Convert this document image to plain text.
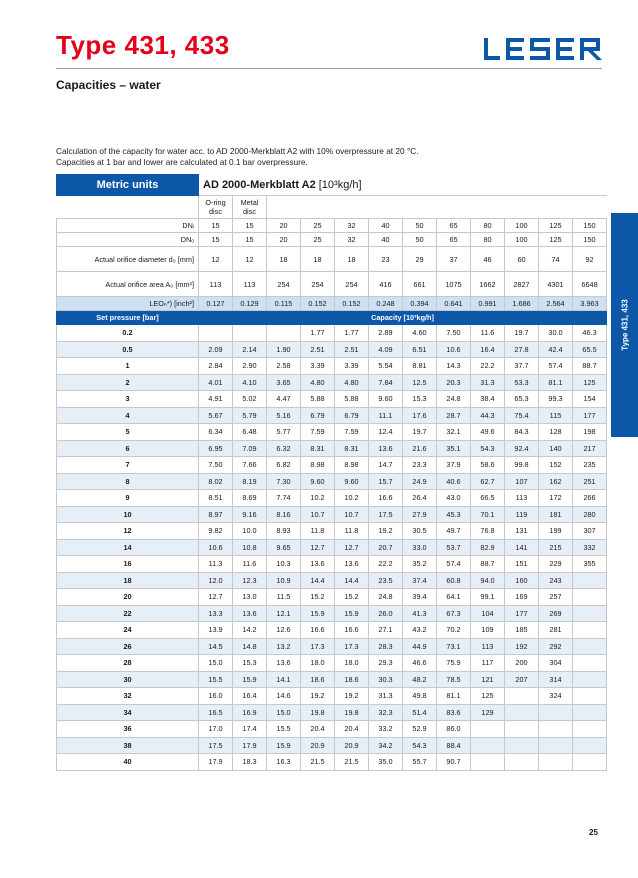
Type 431, 433
Capacities – water
Calculation of the capacity for water acc. to AD 2000-Merkblatt A2 with 10% overpressure at 20 °C.
Capacities at 1 bar and lower are calculated at 0.1 bar overpressure.
Type 431, 433
Metric units	AD 2000-Merkblatt A2 [10³kg/h]											
	O-ring disc	Metal disc										
DNᵢ	15	15	20	25	32	40	50	65	80	100	125	150
DNₒ	15	15	20	25	32	40	50	65	80	100	125	150
Actual orifice diameter d₀ [mm]	12	12	18	18	18	23	29	37	46	60	74	92
Actual orifice area A₀ [mm²]	113	113	254	254	254	416	661	1075	1662	2827	4301	6648
LEOₙ*) [inch²]	0.127	0.129	0.115	0.152	0.152	0.248	0.394	0.641	0.991	1.686	2.564	3.963
Set pressure [bar]	Capacity [10³kg/h]											
0.2				1.77	1.77	2.89	4.60	7.50	11.6	19.7	30.0	46.3
0.5	2.09	2.14	1.90	2.51	2.51	4.09	6.51	10.6	16.4	27.8	42.4	65.5
1	2.84	2.90	2.58	3.39	3.39	5.54	8.81	14.3	22.2	37.7	57.4	88.7
2	4.01	4.10	3.65	4.80	4.80	7.84	12.5	20.3	31.3	53.3	81.1	125
3	4.91	5.02	4.47	5.88	5.88	9.60	15.3	24.8	38.4	65.3	99.3	154
4	5.67	5.79	5.16	6.79	6.79	11.1	17.6	28.7	44.3	75.4	115	177
5	6.34	6.48	5.77	7.59	7.59	12.4	19.7	32.1	49.6	84.3	128	198
6	6.95	7.09	6.32	8.31	8.31	13.6	21.6	35.1	54.3	92.4	140	217
7	7.50	7.66	6.82	8.98	8.98	14.7	23.3	37.9	58.6	99.8	152	235
8	8.02	8.19	7.30	9.60	9.60	15.7	24.9	40.6	62.7	107	162	251
9	8.51	8.69	7.74	10.2	10.2	16.6	26.4	43.0	66.5	113	172	266
10	8.97	9.16	8.16	10.7	10.7	17.5	27.9	45.3	70.1	119	181	280
12	9.82	10.0	8.93	11.8	11.8	19.2	30.5	49.7	76.8	131	199	307
14	10.6	10.8	9.65	12.7	12.7	20.7	33.0	53.7	82.9	141	215	332
16	11.3	11.6	10.3	13.6	13.6	22.2	35.2	57.4	88.7	151	229	355
18	12.0	12.3	10.9	14.4	14.4	23.5	37.4	60.8	94.0	160	243	
20	12.7	13.0	11.5	15.2	15.2	24.8	39.4	64.1	99.1	169	257	
22	13.3	13.6	12.1	15.9	15.9	26.0	41.3	67.3	104	177	269	
24	13.9	14.2	12.6	16.6	16.6	27.1	43.2	70.2	109	185	281	
26	14.5	14.8	13.2	17.3	17.3	28.3	44.9	73.1	113	192	292	
28	15.0	15.3	13.6	18.0	18.0	29.3	46.6	75.9	117	200	304	
30	15.5	15.9	14.1	18.6	18.6	30.3	48.2	78.5	121	207	314	
32	16.0	16.4	14.6	19.2	19.2	31.3	49.8	81.1	125		324	
34	16.5	16.9	15.0	19.8	19.8	32.3	51.4	83.6	129			
36	17.0	17.4	15.5	20.4	20.4	33.2	52.9	86.0				
38	17.5	17.9	15.9	20.9	20.9	34.2	54.3	88.4				
40	17.9	18.3	16.3	21.5	21.5	35.0	55.7	90.7				
25
